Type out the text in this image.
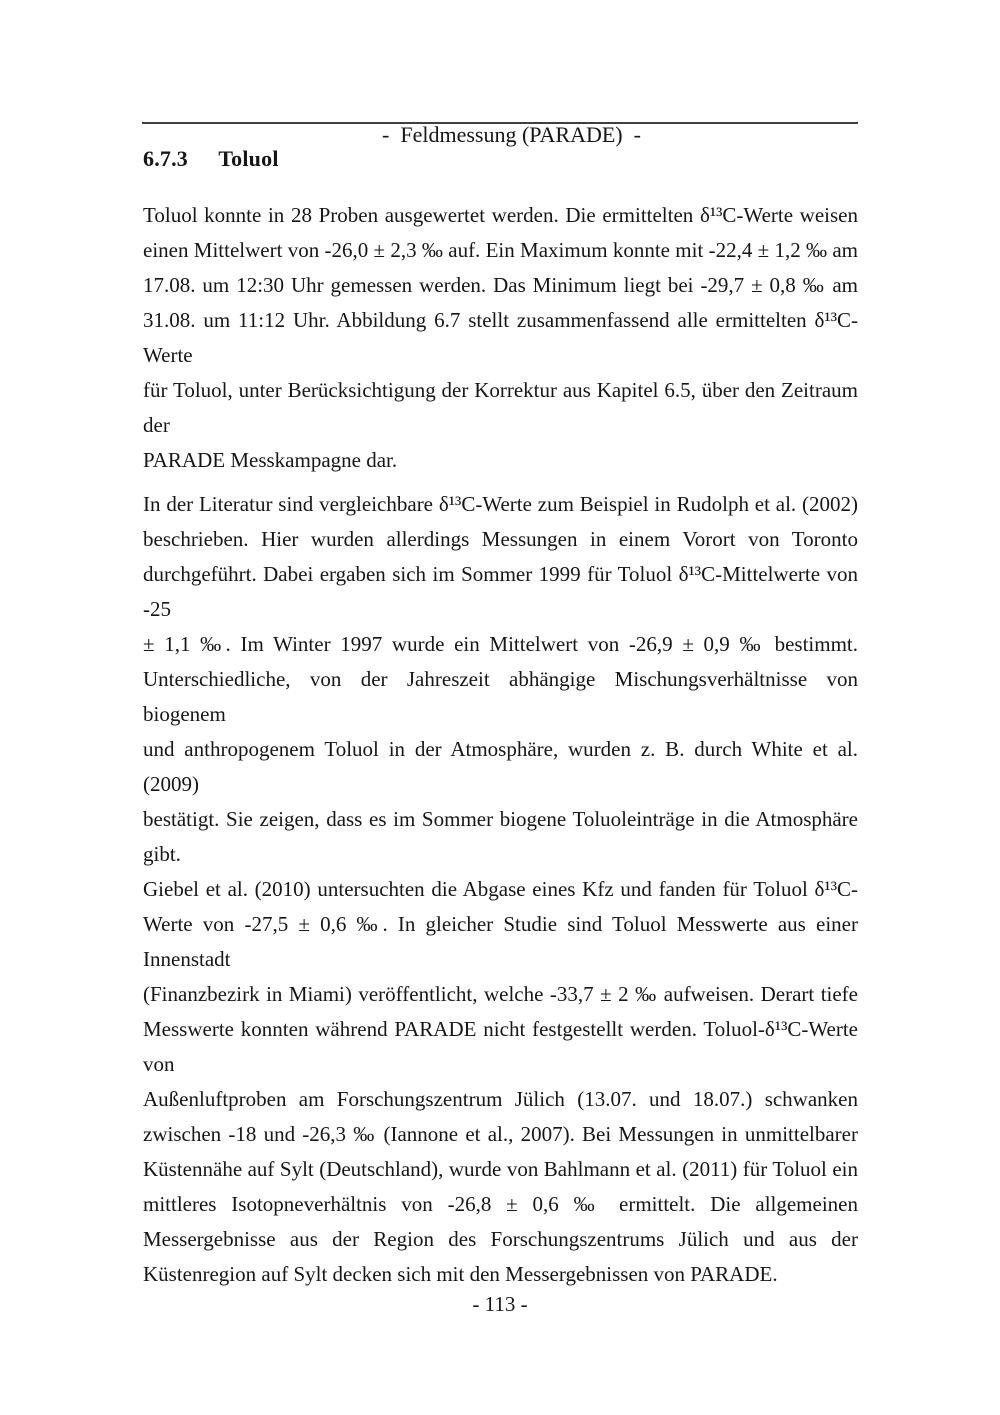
-  Feldmessung (PARADE)  -

6.7.3 Toluol
Toluol konnte in 28 Proben ausgewertet werden. Die ermittelten δ¹³C-Werte weisen
einen Mittelwert von -26,0 ± 2,3 ‰ auf. Ein Maximum konnte mit -22,4 ± 1,2 ‰ am
17.08. um 12:30 Uhr gemessen werden. Das Minimum liegt bei -29,7 ± 0,8 ‰ am
31.08. um 11:12 Uhr. Abbildung 6.7 stellt zusammenfassend alle ermittelten δ¹³C-Werte
für Toluol, unter Berücksichtigung der Korrektur aus Kapitel 6.5, über den Zeitraum der
PARADE Messkampagne dar.
In der Literatur sind vergleichbare δ¹³C-Werte zum Beispiel in Rudolph et al. (2002)
beschrieben. Hier wurden allerdings Messungen in einem Vorort von Toronto
durchgeführt. Dabei ergaben sich im Sommer 1999 für Toluol δ¹³C-Mittelwerte von -25
± 1,1 ‰. Im Winter 1997 wurde ein Mittelwert von -26,9 ± 0,9 ‰ bestimmt.
Unterschiedliche, von der Jahreszeit abhängige Mischungsverhältnisse von biogenem
und anthropogenem Toluol in der Atmosphäre, wurden z. B. durch White et al. (2009)
bestätigt. Sie zeigen, dass es im Sommer biogene Toluoleinträge in die Atmosphäre gibt.
Giebel et al. (2010) untersuchten die Abgase eines Kfz und fanden für Toluol δ¹³C-
Werte von -27,5 ± 0,6 ‰. In gleicher Studie sind Toluol Messwerte aus einer Innenstadt
(Finanzbezirk in Miami) veröffentlicht, welche -33,7 ± 2 ‰ aufweisen. Derart tiefe
Messwerte konnten während PARADE nicht festgestellt werden. Toluol-δ¹³C-Werte von
Außenluftproben am Forschungszentrum Jülich (13.07. und 18.07.) schwanken
zwischen -18 und -26,3 ‰ (Iannone et al., 2007). Bei Messungen in unmittelbarer
Küstennähe auf Sylt (Deutschland), wurde von Bahlmann et al. (2011) für Toluol ein
mittleres Isotopneverhältnis von -26,8 ± 0,6 ‰ ermittelt. Die allgemeinen
Messergebnisse aus der Region des Forschungszentrums Jülich und aus der
Küstenregion auf Sylt decken sich mit den Messergebnissen von PARADE.
- 113 -
